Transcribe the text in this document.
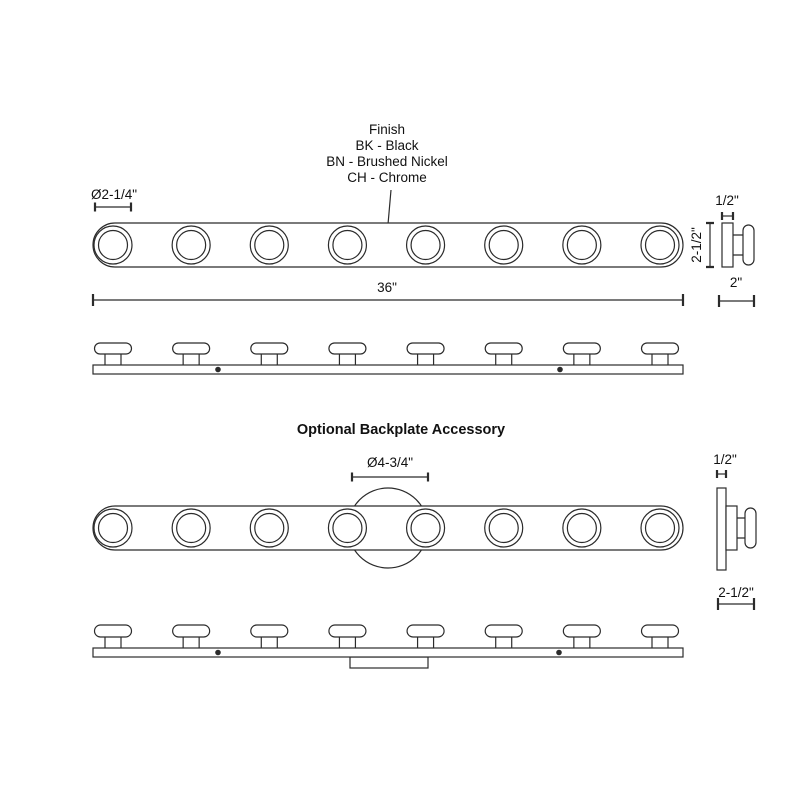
Finish
BK - Black
BN - Brushed Nickel
CH - Chrome
Ø2-1/4"
36"
1/2"
2-1/2"
2"
Optional Backplate Accessory
Ø4-3/4"	1/2"
2-1/2"
